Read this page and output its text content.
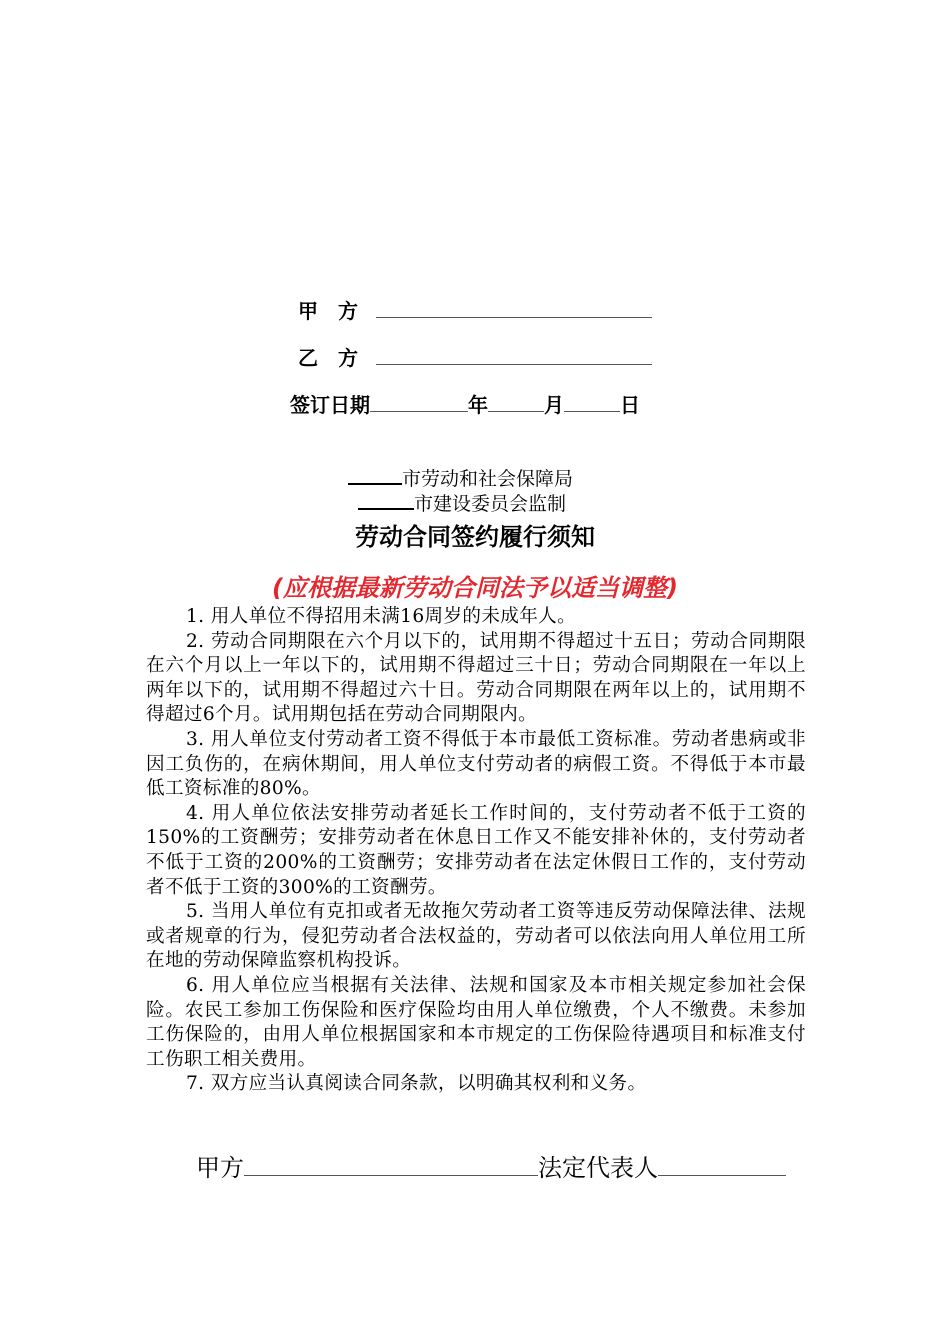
甲　方
乙　方
签订日期	年	月	日
市劳动和社会保障局
市建设委员会监制
劳动合同签约履行须知
(应根据最新劳动合同法予以适当调整)

1. 用人单位不得招用未满16周岁的未成年人。

2. 劳动合同期限在六个月以下的，试用期不得超过十五日；劳动合同期限在六个月以上一年以下的，试用期不得超过三十日；劳动合同期限在一年以上两年以下的，试用期不得超过六十日。劳动合同期限在两年以上的，试用期不得超过6个月。试用期包括在劳动合同期限内。

3. 用人单位支付劳动者工资不得低于本市最低工资标准。劳动者患病或非因工负伤的，在病休期间，用人单位支付劳动者的病假工资。不得低于本市最低工资标准的80%。

4. 用人单位依法安排劳动者延长工作时间的，支付劳动者不低于工资的150%的工资酬劳；安排劳动者在休息日工作又不能安排补休的，支付劳动者不低于工资的200%的工资酬劳；安排劳动者在法定休假日工作的，支付劳动者不低于工资的300%的工资酬劳。

5. 当用人单位有克扣或者无故拖欠劳动者工资等违反劳动保障法律、法规或者规章的行为，侵犯劳动者合法权益的，劳动者可以依法向用人单位用工所在地的劳动保障监察机构投诉。

6. 用人单位应当根据有关法律、法规和国家及本市相关规定参加社会保险。农民工参加工伤保险和医疗保险均由用人单位缴费，个人不缴费。未参加工伤保险的，由用人单位根据国家和本市规定的工伤保险待遇项目和标准支付工伤职工相关费用。

7. 双方应当认真阅读合同条款，以明确其权利和义务。

甲方	法定代表人
